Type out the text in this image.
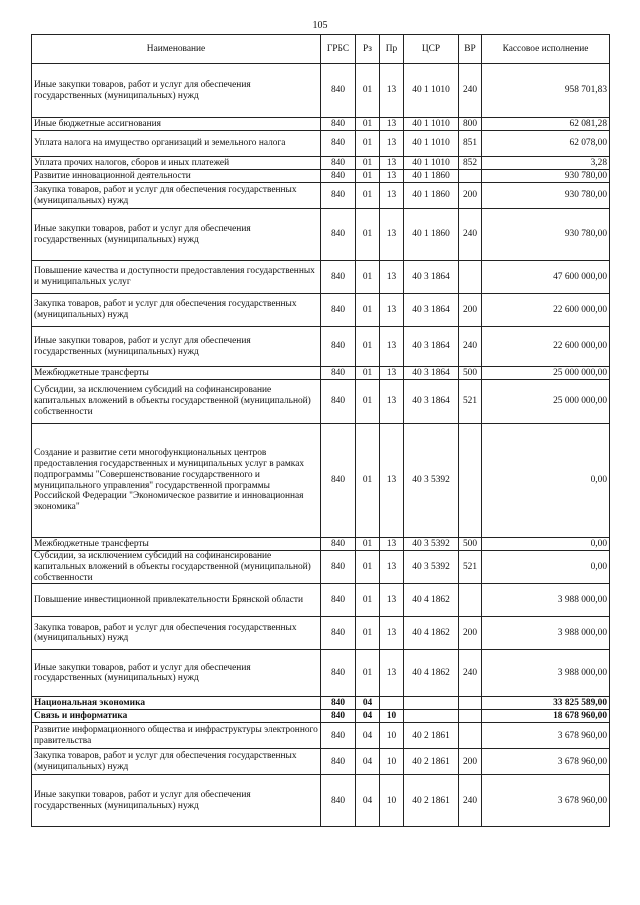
105
Наименование	ГРБС	Рз	Пр	ЦСР	ВР	Кассовое исполнение
Иные закупки товаров, работ и услуг для обеспечения государственных (муниципальных) нужд	840	01	13	40 1 1010	240	958 701,83
Иные бюджетные ассигнования	840	01	13	40 1 1010	800	62 081,28
Уплата налога на имущество организаций и земельного налога	840	01	13	40 1 1010	851	62 078,00
Уплата прочих налогов, сборов и иных платежей	840	01	13	40 1 1010	852	3,28
Развитие инновационной деятельности	840	01	13	40 1 1860		930 780,00
Закупка товаров, работ и услуг для обеспечения государственных (муниципальных) нужд	840	01	13	40 1 1860	200	930 780,00
Иные закупки товаров, работ и услуг для обеспечения государственных (муниципальных) нужд	840	01	13	40 1 1860	240	930 780,00
Повышение качества и доступности предоставления государственных и муниципальных услуг	840	01	13	40 3 1864		47 600 000,00
Закупка товаров, работ и услуг для обеспечения государственных (муниципальных) нужд	840	01	13	40 3 1864	200	22 600 000,00
Иные закупки товаров, работ и услуг для обеспечения государственных (муниципальных) нужд	840	01	13	40 3 1864	240	22 600 000,00
Межбюджетные трансферты	840	01	13	40 3 1864	500	25 000 000,00
Субсидии, за исключением субсидий на софинансирование капитальных вложений в объекты государственной (муниципальной) собственности	840	01	13	40 3 1864	521	25 000 000,00
Создание и развитие сети многофункциональных центров предоставления государственных и муниципальных услуг в рамках подпрограммы "Совершенствование государственного и муниципального управления" государственной программы Российской Федерации "Экономическое развитие и инновационная экономика"	840	01	13	40 3 5392		0,00
Межбюджетные трансферты	840	01	13	40 3 5392	500	0,00
Субсидии, за исключением субсидий на софинансирование капитальных вложений в объекты государственной (муниципальной) собственности	840	01	13	40 3 5392	521	0,00
Повышение инвестиционной привлекательности Брянской области	840	01	13	40 4 1862		3 988 000,00
Закупка товаров, работ и услуг для обеспечения государственных (муниципальных) нужд	840	01	13	40 4 1862	200	3 988 000,00
Иные закупки товаров, работ и услуг для обеспечения государственных (муниципальных) нужд	840	01	13	40 4 1862	240	3 988 000,00
Национальная экономика	840	04				33 825 589,00
Связь и информатика	840	04	10			18 678 960,00
Развитие информационного общества и инфраструктуры электронного правительства	840	04	10	40 2 1861		3 678 960,00
Закупка товаров, работ и услуг для обеспечения государственных (муниципальных) нужд	840	04	10	40 2 1861	200	3 678 960,00
Иные закупки товаров, работ и услуг для обеспечения государственных (муниципальных) нужд	840	04	10	40 2 1861	240	3 678 960,00
